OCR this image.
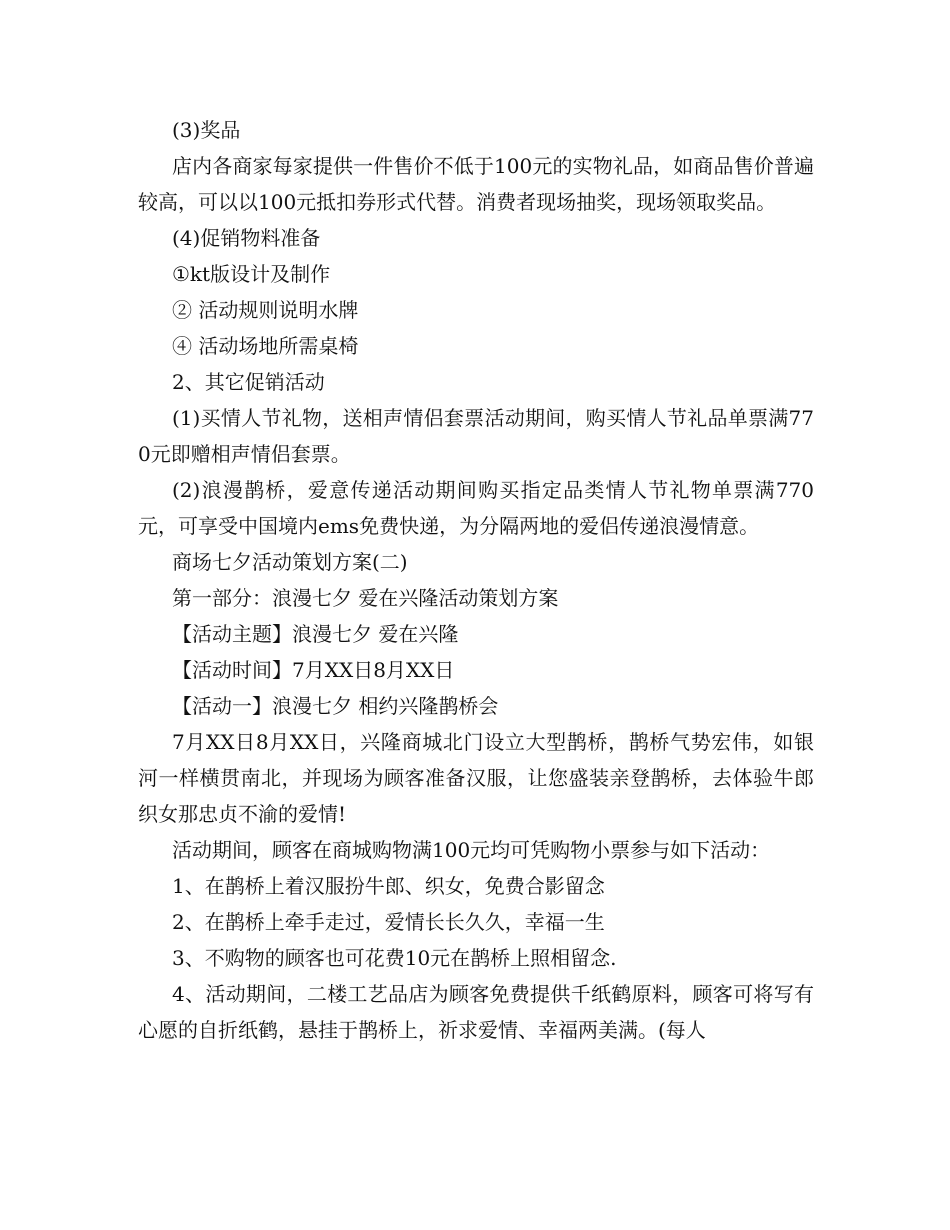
(3)奖品

店内各商家每家提供一件售价不低于100元的实物礼品，如商品售价普遍较高，可以以100元抵扣券形式代替。消费者现场抽奖，现场领取奖品。

(4)促销物料准备

①kt版设计及制作

② 活动规则说明水牌

④ 活动场地所需桌椅

2、其它促销活动

(1)买情人节礼物，送相声情侣套票活动期间，购买情人节礼品单票满770元即赠相声情侣套票。

(2)浪漫鹊桥，爱意传递活动期间购买指定品类情人节礼物单票满770元，可享受中国境内ems免费快递，为分隔两地的爱侣传递浪漫情意。

商场七夕活动策划方案(二)

第一部分：浪漫七夕 爱在兴隆活动策划方案

【活动主题】浪漫七夕 爱在兴隆

【活动时间】7月XX日8月XX日

【活动一】浪漫七夕 相约兴隆鹊桥会

7月XX日8月XX日，兴隆商城北门设立大型鹊桥，鹊桥气势宏伟，如银河一样横贯南北，并现场为顾客准备汉服，让您盛装亲登鹊桥，去体验牛郎织女那忠贞不渝的爱情!

活动期间，顾客在商城购物满100元均可凭购物小票参与如下活动：

1、在鹊桥上着汉服扮牛郎、织女，免费合影留念

2、在鹊桥上牵手走过，爱情长长久久，幸福一生

3、不购物的顾客也可花费10元在鹊桥上照相留念.

4、活动期间，二楼工艺品店为顾客免费提供千纸鹤原料，顾客可将写有心愿的自折纸鹤，悬挂于鹊桥上，祈求爱情、幸福两美满。(每人
